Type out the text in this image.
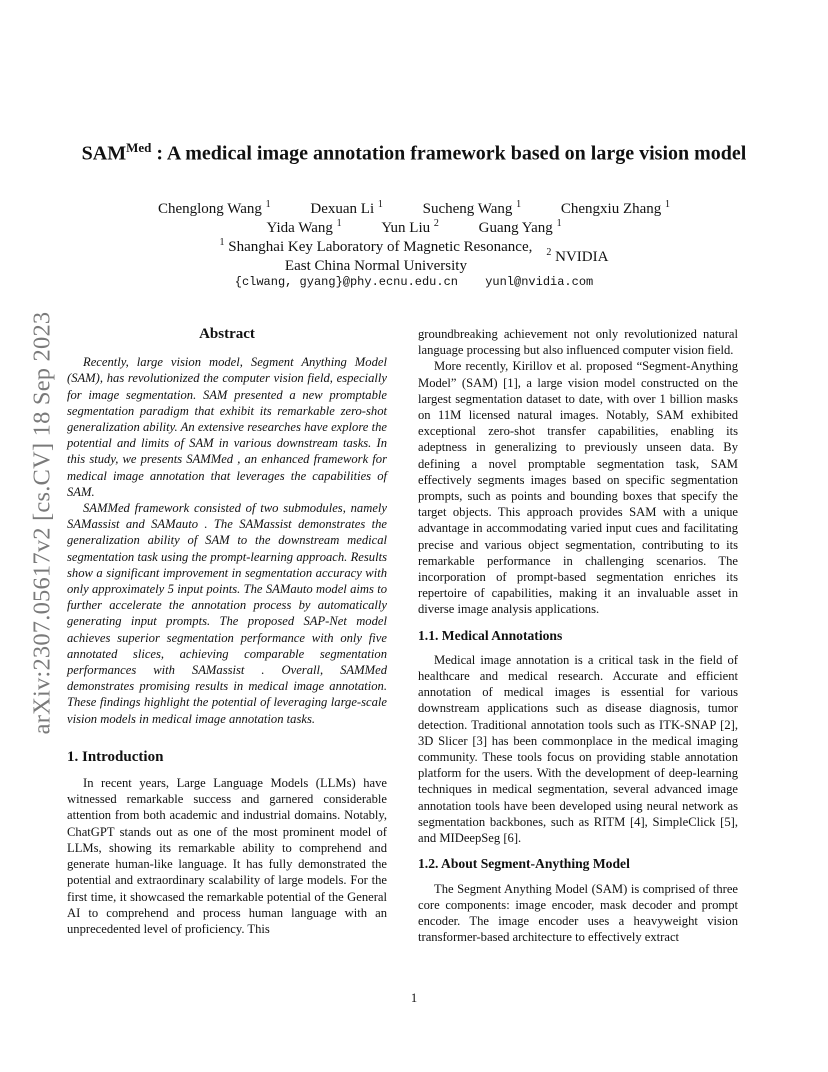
arXiv:2307.05617v2 [cs.CV] 18 Sep 2023
$SAM^{Med}$ : A medical image annotation framework based on large vision model
Chenglong Wang $^1$	Dexuan Li $^1$	Sucheng Wang $^1$	Chengxiu Zhang $^1$
Yida Wang $^1$	Yun Liu $^2$	Guang Yang $^1$
$^1$ Shanghai Key Laboratory of Magnetic Resonance,
East China Normal University
$^2$ NVIDIA
{clwang, gyang}@phy.ecnu.edu.cn yunl@nvidia.com
Abstract

Recently, large vision model, Segment Anything Model (SAM), has revolutionized the computer vision field, especially for image segmentation. SAM presented a new promptable segmentation paradigm that exhibit its remarkable zero-shot generalization ability. An extensive researches have explore the potential and limits of SAM in various downstream tasks. In this study, we presents SAMMed , an enhanced framework for medical image annotation that leverages the capabilities of SAM.

SAMMed framework consisted of two submodules, namely SAMassist and SAMauto . The SAMassist demonstrates the generalization ability of SAM to the downstream medical segmentation task using the prompt-learning approach. Results show a significant improvement in segmentation accuracy with only approximately 5 input points. The SAMauto model aims to further accelerate the annotation process by automatically generating input prompts. The proposed SAP-Net model achieves superior segmentation performance with only five annotated slices, achieving comparable segmentation performances with SAMassist . Overall, SAMMed demonstrates promising results in medical image annotation. These findings highlight the potential of leveraging large-scale vision models in medical image annotation tasks.

1. Introduction

In recent years, Large Language Models (LLMs) have witnessed remarkable success and garnered considerable attention from both academic and industrial domains. Notably, ChatGPT stands out as one of the most prominent model of LLMs, showing its remarkable ability to comprehend and generate human-like language. It has fully demonstrated the potential and extraordinary scalability of large models. For the first time, it showcased the remarkable potential of the General AI to comprehend and process human language with an unprecedented level of proficiency. This

groundbreaking achievement not only revolutionized natural language processing but also influenced computer vision field.

More recently, Kirillov et al. proposed “Segment-Anything Model” (SAM) [1], a large vision model constructed on the largest segmentation dataset to date, with over 1 billion masks on 11M licensed natural images. Notably, SAM exhibited exceptional zero-shot transfer capabilities, enabling its adeptness in generalizing to previously unseen data. By defining a novel promptable segmentation task, SAM effectively segments images based on specific segmentation prompts, such as points and bounding boxes that specify the target objects. This approach provides SAM with a unique advantage in accommodating varied input cues and facilitating precise and various object segmentation, contributing to its remarkable performance in challenging scenarios. The incorporation of prompt-based segmentation enriches its repertoire of capabilities, making it an invaluable asset in diverse image analysis applications.

1.1. Medical Annotations

Medical image annotation is a critical task in the field of healthcare and medical research. Accurate and efficient annotation of medical images is essential for various downstream applications such as disease diagnosis, tumor detection. Traditional annotation tools such as ITK-SNAP [2], 3D Slicer [3] has been commonplace in the medical imaging community. These tools focus on providing stable annotation platform for the users. With the development of deep-learning techniques in medical segmentation, several advanced image annotation tools have been developed using neural network as segmentation backbones, such as RITM [4], SimpleClick [5], and MIDeepSeg [6].

1.2. About Segment-Anything Model

The Segment Anything Model (SAM) is comprised of three core components: image encoder, mask decoder and prompt encoder. The image encoder uses a heavyweight vision transformer-based architecture to effectively extract

1
